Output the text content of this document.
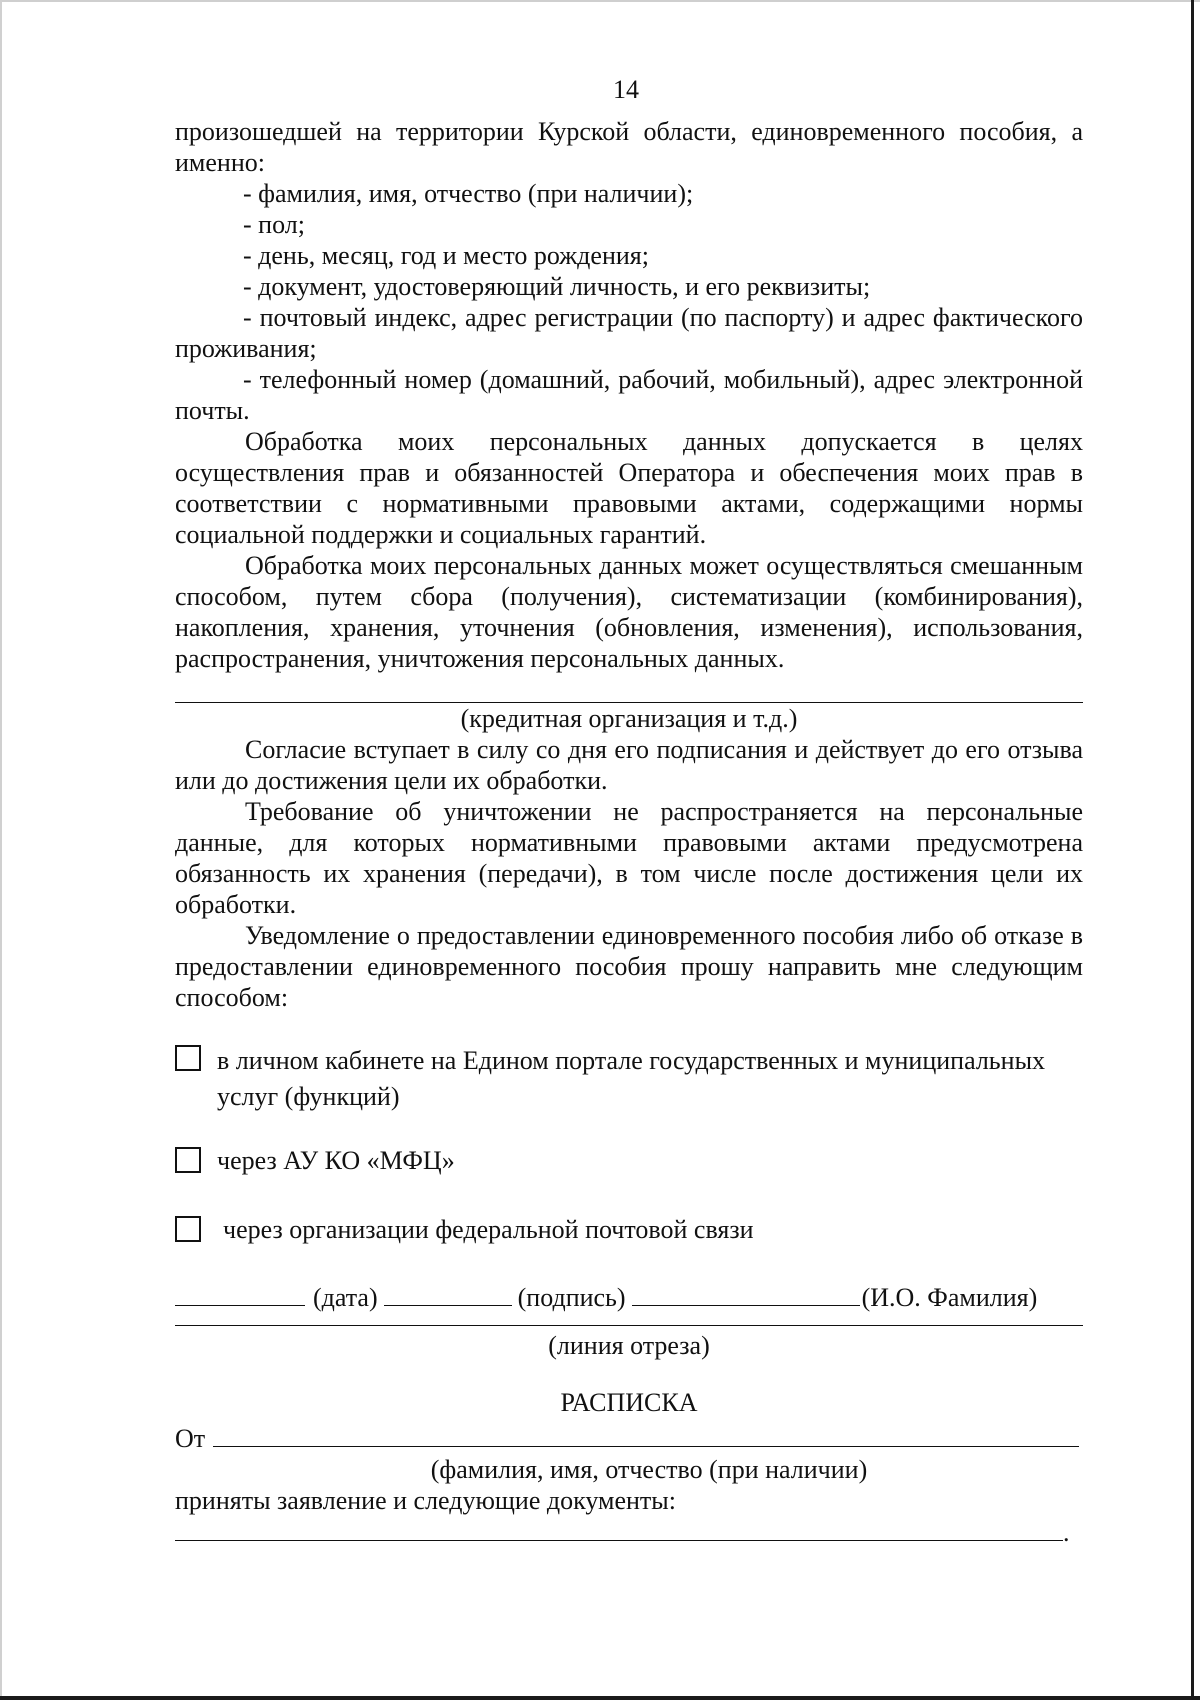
14

произошедшей на территории Курской области, единовременного пособия, а именно:

- фамилия, имя, отчество (при наличии);

- пол;

- день, месяц, год и место рождения;

- документ, удостоверяющий личность, и его реквизиты;

- почтовый индекс, адрес регистрации (по паспорту) и адрес фактического проживания;

- телефонный номер (домашний, рабочий, мобильный), адрес электронной почты.

Обработка моих персональных данных допускается в целях осуществления прав и обязанностей Оператора и обеспечения моих прав в соответствии с нормативными правовыми актами, содержащими нормы социальной поддержки и социальных гарантий.

Обработка моих персональных данных может осуществляться смешанным способом, путем сбора (получения), систематизации (комбинирования), накопления, хранения, уточнения (обновления, изменения), использования, распространения, уничтожения персональных данных.

(кредитная организация и т.д.)

Согласие вступает в силу со дня его подписания и действует до его отзыва или до достижения цели их обработки.

Требование об уничтожении не распространяется на персональные данные, для которых нормативными правовыми актами предусмотрена обязанность их хранения (передачи), в том числе после достижения цели их обработки.

Уведомление о предоставлении единовременного пособия либо об отказе в предоставлении единовременного пособия прошу направить мне следующим способом:

в личном кабинете на Едином портале государственных и муниципальных услуг (функций)
через АУ КО «МФЦ»
через организации федеральной почтовой связи
(дата)	(подпись)	(И.О. Фамилия)

(линия отреза)

РАСПИСКА

От

(фамилия, имя, отчество (при наличии)

приняты заявление и следующие документы:

.
